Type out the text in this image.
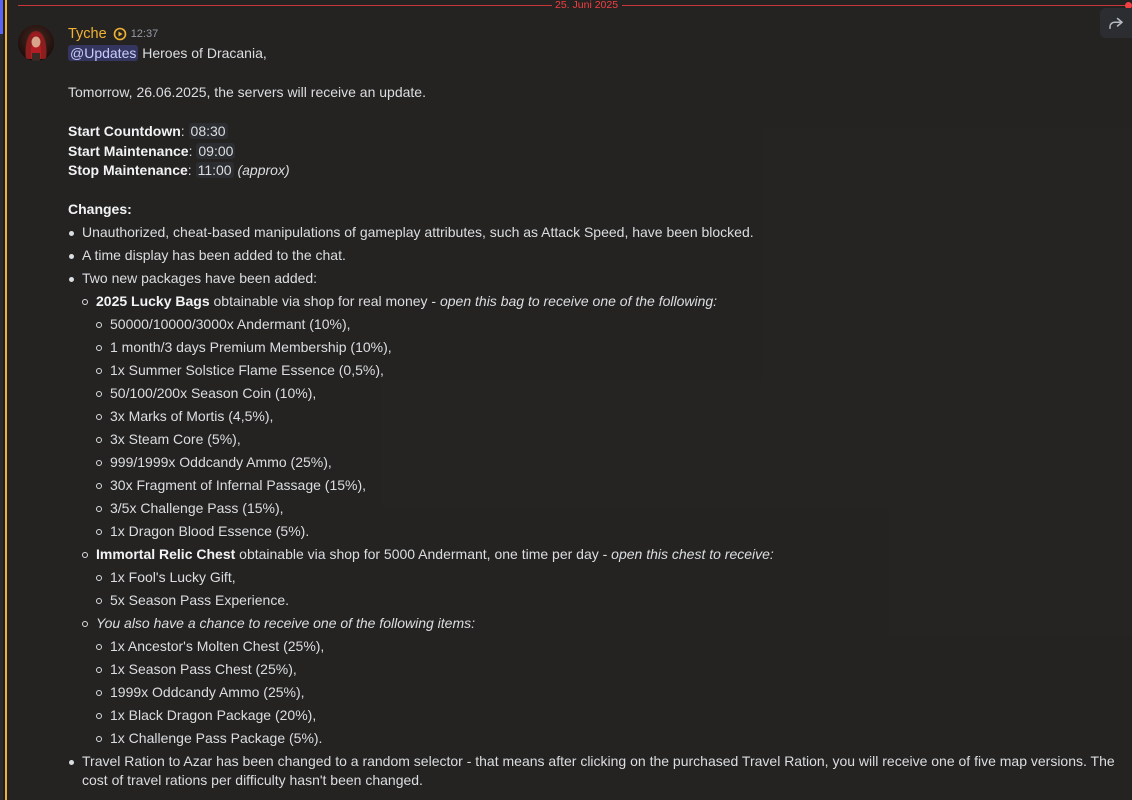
25. Juni 2025
Tyche 12:37
@Updates Heroes of Dracania,

Tomorrow, 26.06.2025, the servers will receive an update.

Start Countdown: 08:30
Start Maintenance: 09:00
Stop Maintenance: 11:00 (approx)

Changes:
Unauthorized, cheat-based manipulations of gameplay attributes, such as Attack Speed, have been blocked.
A time display has been added to the chat.
Two new packages have been added:
2025 Lucky Bags obtainable via shop for real money - open this bag to receive one of the following:
50000/10000/3000x Andermant (10%),
1 month/3 days Premium Membership (10%),
1x Summer Solstice Flame Essence (0,5%),
50/100/200x Season Coin (10%),
3x Marks of Mortis (4,5%),
3x Steam Core (5%),
999/1999x Oddcandy Ammo (25%),
30x Fragment of Infernal Passage (15%),
3/5x Challenge Pass (15%),
1x Dragon Blood Essence (5%).
Immortal Relic Chest obtainable via shop for 5000 Andermant, one time per day - open this chest to receive:
1x Fool's Lucky Gift,
5x Season Pass Experience.
You also have a chance to receive one of the following items:
1x Ancestor's Molten Chest (25%),
1x Season Pass Chest (25%),
1999x Oddcandy Ammo (25%),
1x Black Dragon Package (20%),
1x Challenge Pass Package (5%).
Travel Ration to Azar has been changed to a random selector - that means after clicking on the purchased Travel Ration, you will receive one of five map versions. The cost of travel rations per difficulty hasn't been changed.
